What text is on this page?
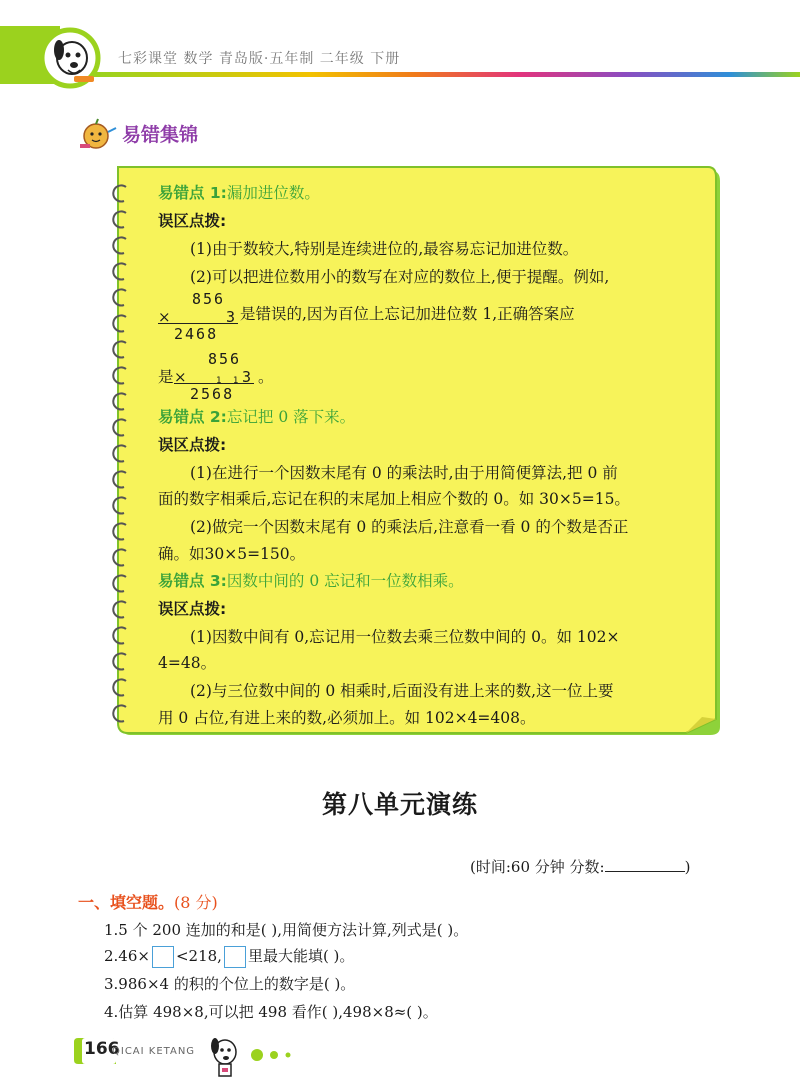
七彩课堂 数学 青岛版·五年制 二年级 下册
易错集锦
易错点 1:漏加进位数。
误区点拨:
(1)由于数较大,特别是连续进位的,最容易忘记加进位数。
(2)可以把进位数用小的数写在对应的数位上,便于提醒。例如,
856
×	3
2468
是错误的,因为百位上忘记加进位数 1,正确答案应
是
856
×	1 1 3
2568
。
易错点 2:忘记把 0 落下来。
误区点拨:
(1)在进行一个因数末尾有 0 的乘法时,由于用简便算法,把 0 前
面的数字相乘后,忘记在积的末尾加上相应个数的 0。如 30×5=15。
(2)做完一个因数末尾有 0 的乘法后,注意看一看 0 的个数是否正
确。如30×5=150。
易错点 3:因数中间的 0 忘记和一位数相乘。
误区点拨:
(1)因数中间有 0,忘记用一位数去乘三位数中间的 0。如 102×
4=48。
(2)与三位数中间的 0 相乘时,后面没有进上来的数,这一位上要
用 0 占位,有进上来的数,必须加上。如 102×4=408。
第八单元演练
(时间:60 分钟 分数:	)
一、填空题。(8 分)
1.5 个 200 连加的和是( ),用简便方法计算,列式是( )。
2.46× <218, 里最大能填( )。
3.986×4 的积的个位上的数字是( )。
4.估算 498×8,可以把 498 看作( ),498×8≈( )。
166
QICAI KETANG
